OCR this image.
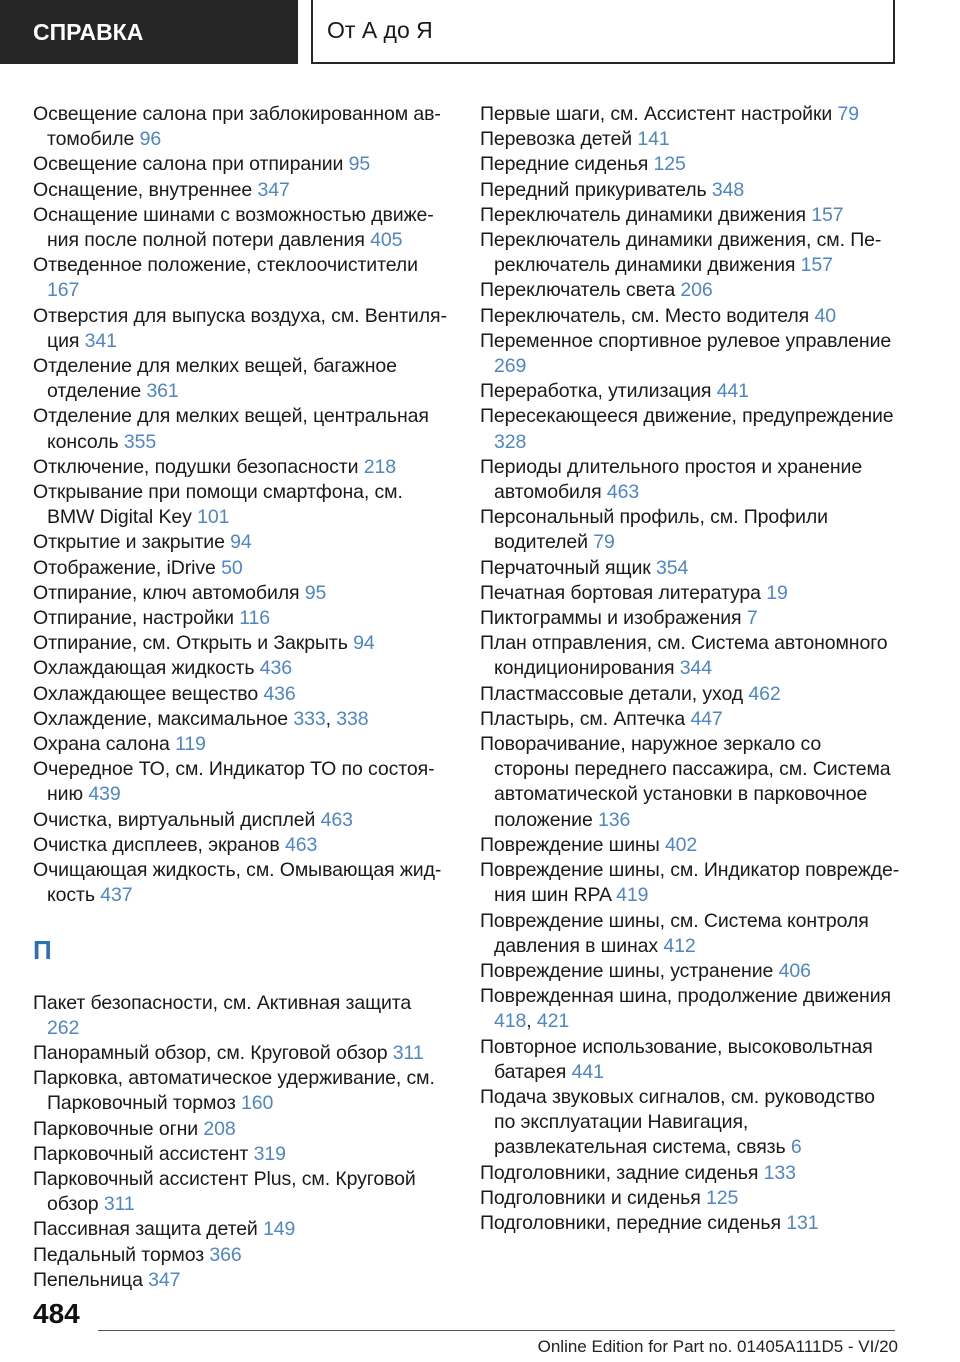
СПРАВКА	От А до Я
Освещение салона при заблокированном автомобиле 96
Освещение салона при отпирании 95
Оснащение, внутреннее 347
Оснащение шинами с возможностью движения после полной потери давления 405
Отведенное положение, стеклоочистители 167
Отверстия для выпуска воздуха, см. Вентиляция 341
Отделение для мелких вещей, багажное отделение 361
Отделение для мелких вещей, центральная консоль 355
Отключение, подушки безопасности 218
Открывание при помощи смартфона, см. BMW Digital Key 101
Открытие и закрытие 94
Отображение, iDrive 50
Отпирание, ключ автомобиля 95
Отпирание, настройки 116
Отпирание, см. Открыть и Закрыть 94
Охлаждающая жидкость 436
Охлаждающее вещество 436
Охлаждение, максимальное 333, 338
Охрана салона 119
Очередное ТО, см. Индикатор ТО по состоянию 439
Очистка, виртуальный дисплей 463
Очистка дисплеев, экранов 463
Очищающая жидкость, см. Омывающая жидкость 437
П
Пакет безопасности, см. Активная защита 262
Панорамный обзор, см. Круговой обзор 311
Парковка, автоматическое удерживание, см. Парковочный тормоз 160
Парковочные огни 208
Парковочный ассистент 319
Парковочный ассистент Plus, см. Круговой обзор 311
Пассивная защита детей 149
Педальный тормоз 366
Пепельница 347
Первые шаги, см. Ассистент настройки 79
Перевозка детей 141
Передние сиденья 125
Передний прикуриватель 348
Переключатель динамики движения 157
Переключатель динамики движения, см. Переключатель динамики движения 157
Переключатель света 206
Переключатель, см. Место водителя 40
Переменное спортивное рулевое управление 269
Переработка, утилизация 441
Пересекающееся движение, предупреждение 328
Периоды длительного простоя и хранение автомобиля 463
Персональный профиль, см. Профили водителей 79
Перчаточный ящик 354
Печатная бортовая литература 19
Пиктограммы и изображения 7
План отправления, см. Система автономного кондиционирования 344
Пластмассовые детали, уход 462
Пластырь, см. Аптечка 447
Поворачивание, наружное зеркало со стороны переднего пассажира, см. Система автоматической установки в парковочное положение 136
Повреждение шины 402
Повреждение шины, см. Индикатор повреждения шин RPA 419
Повреждение шины, см. Система контроля давления в шинах 412
Повреждение шины, устранение 406
Поврежденная шина, продолжение движения 418, 421
Повторное использование, высоковольтная батарея 441
Подача звуковых сигналов, см. руководство по эксплуатации Навигация, развлекательная система, связь 6
Подголовники, задние сиденья 133
Подголовники и сиденья 125
Подголовники, передние сиденья 131
484
Online Edition for Part no. 01405A111D5 - VI/20
